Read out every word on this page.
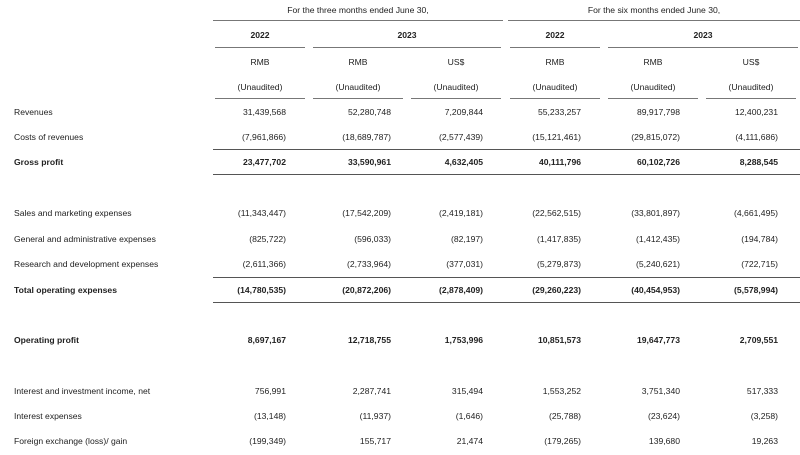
For the three months ended June 30,	For the six months ended June 30,
2022	2023	2022	2023
RMB	RMB	US$	RMB	RMB	US$
(Unaudited)	(Unaudited)	(Unaudited)	(Unaudited)	(Unaudited)	(Unaudited)
Revenues	31,439,568	52,280,748	7,209,844	55,233,257	89,917,798	12,400,231
Costs of revenues	(7,961,866)	(18,689,787)	(2,577,439)	(15,121,461)	(29,815,072)	(4,111,686)
Gross profit	23,477,702	33,590,961	4,632,405	40,111,796	60,102,726	8,288,545
Sales and marketing expenses	(11,343,447)	(17,542,209)	(2,419,181)	(22,562,515)	(33,801,897)	(4,661,495)
General and administrative expenses	(825,722)	(596,033)	(82,197)	(1,417,835)	(1,412,435)	(194,784)
Research and development expenses	(2,611,366)	(2,733,964)	(377,031)	(5,279,873)	(5,240,621)	(722,715)
Total operating expenses	(14,780,535)	(20,872,206)	(2,878,409)	(29,260,223)	(40,454,953)	(5,578,994)
Operating profit	8,697,167	12,718,755	1,753,996	10,851,573	19,647,773	2,709,551
Interest and investment income, net	756,991	2,287,741	315,494	1,553,252	3,751,340	517,333
Interest expenses	(13,148)	(11,937)	(1,646)	(25,788)	(23,624)	(3,258)
Foreign exchange (loss)/ gain	(199,349)	155,717	21,474	(179,265)	139,680	19,263
